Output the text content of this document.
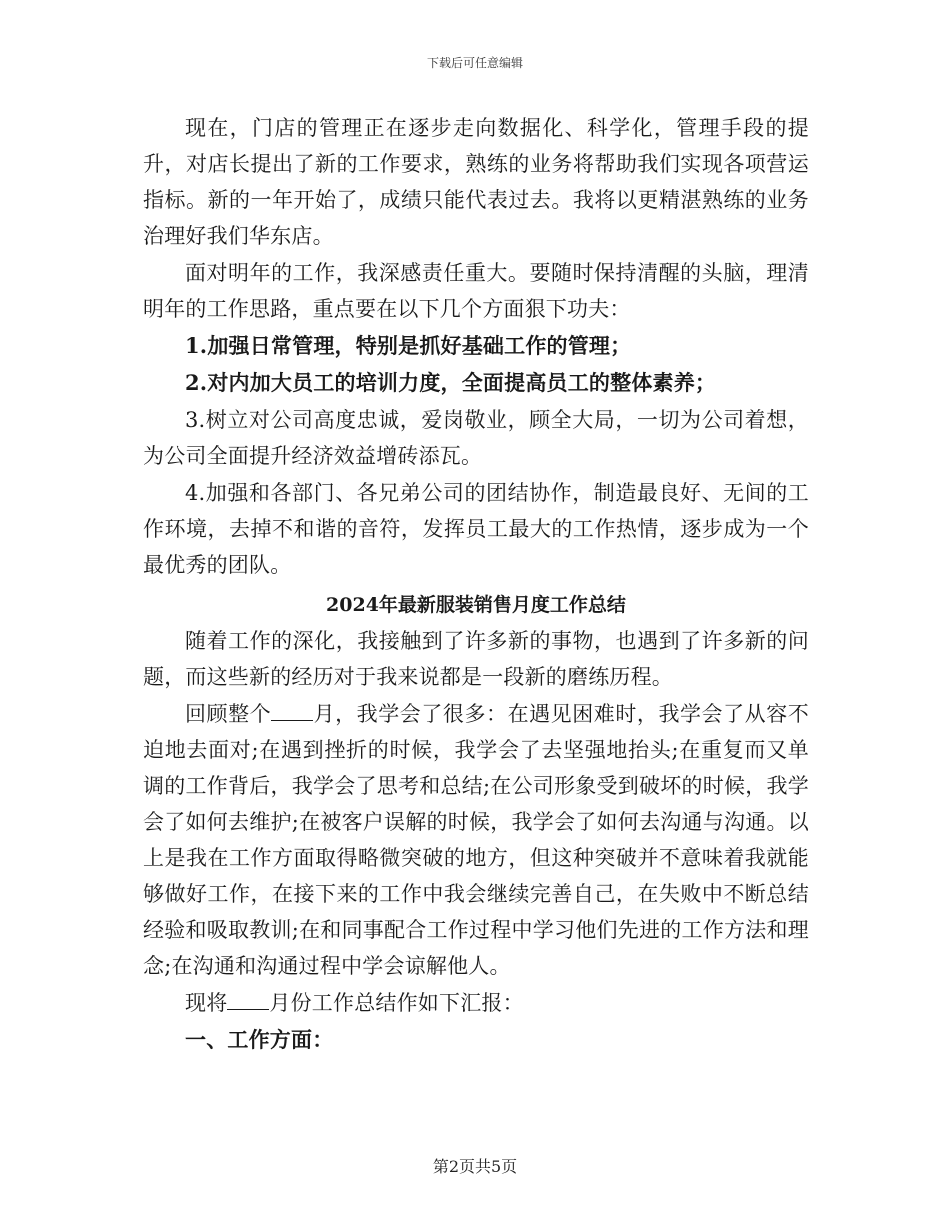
下载后可任意编辑

现在，门店的管理正在逐步走向数据化、科学化，管理手段的提升，对店长提出了新的工作要求，熟练的业务将帮助我们实现各项营运指标。新的一年开始了，成绩只能代表过去。我将以更精湛熟练的业务治理好我们华东店。

面对明年的工作，我深感责任重大。要随时保持清醒的头脑，理清明年的工作思路，重点要在以下几个方面狠下功夫：

1.加强日常管理，特别是抓好基础工作的管理；

2.对内加大员工的培训力度，全面提高员工的整体素养；

3.树立对公司高度忠诚，爱岗敬业，顾全大局，一切为公司着想，为公司全面提升经济效益增砖添瓦。

4.加强和各部门、各兄弟公司的团结协作，制造最良好、无间的工作环境，去掉不和谐的音符，发挥员工最大的工作热情，逐步成为一个最优秀的团队。

2024年最新服装销售月度工作总结

随着工作的深化，我接触到了许多新的事物，也遇到了许多新的问题，而这些新的经历对于我来说都是一段新的磨练历程。

回顾整个 月，我学会了很多：在遇见困难时，我学会了从容不迫地去面对;在遇到挫折的时候，我学会了去坚强地抬头;在重复而又单调的工作背后，我学会了思考和总结;在公司形象受到破坏的时候，我学会了如何去维护;在被客户误解的时候，我学会了如何去沟通与沟通。以上是我在工作方面取得略微突破的地方，但这种突破并不意味着我就能够做好工作，在接下来的工作中我会继续完善自己，在失败中不断总结经验和吸取教训;在和同事配合工作过程中学习他们先进的工作方法和理念;在沟通和沟通过程中学会谅解他人。

现将 月份工作总结作如下汇报：

一、工作方面：

第2页共5页
